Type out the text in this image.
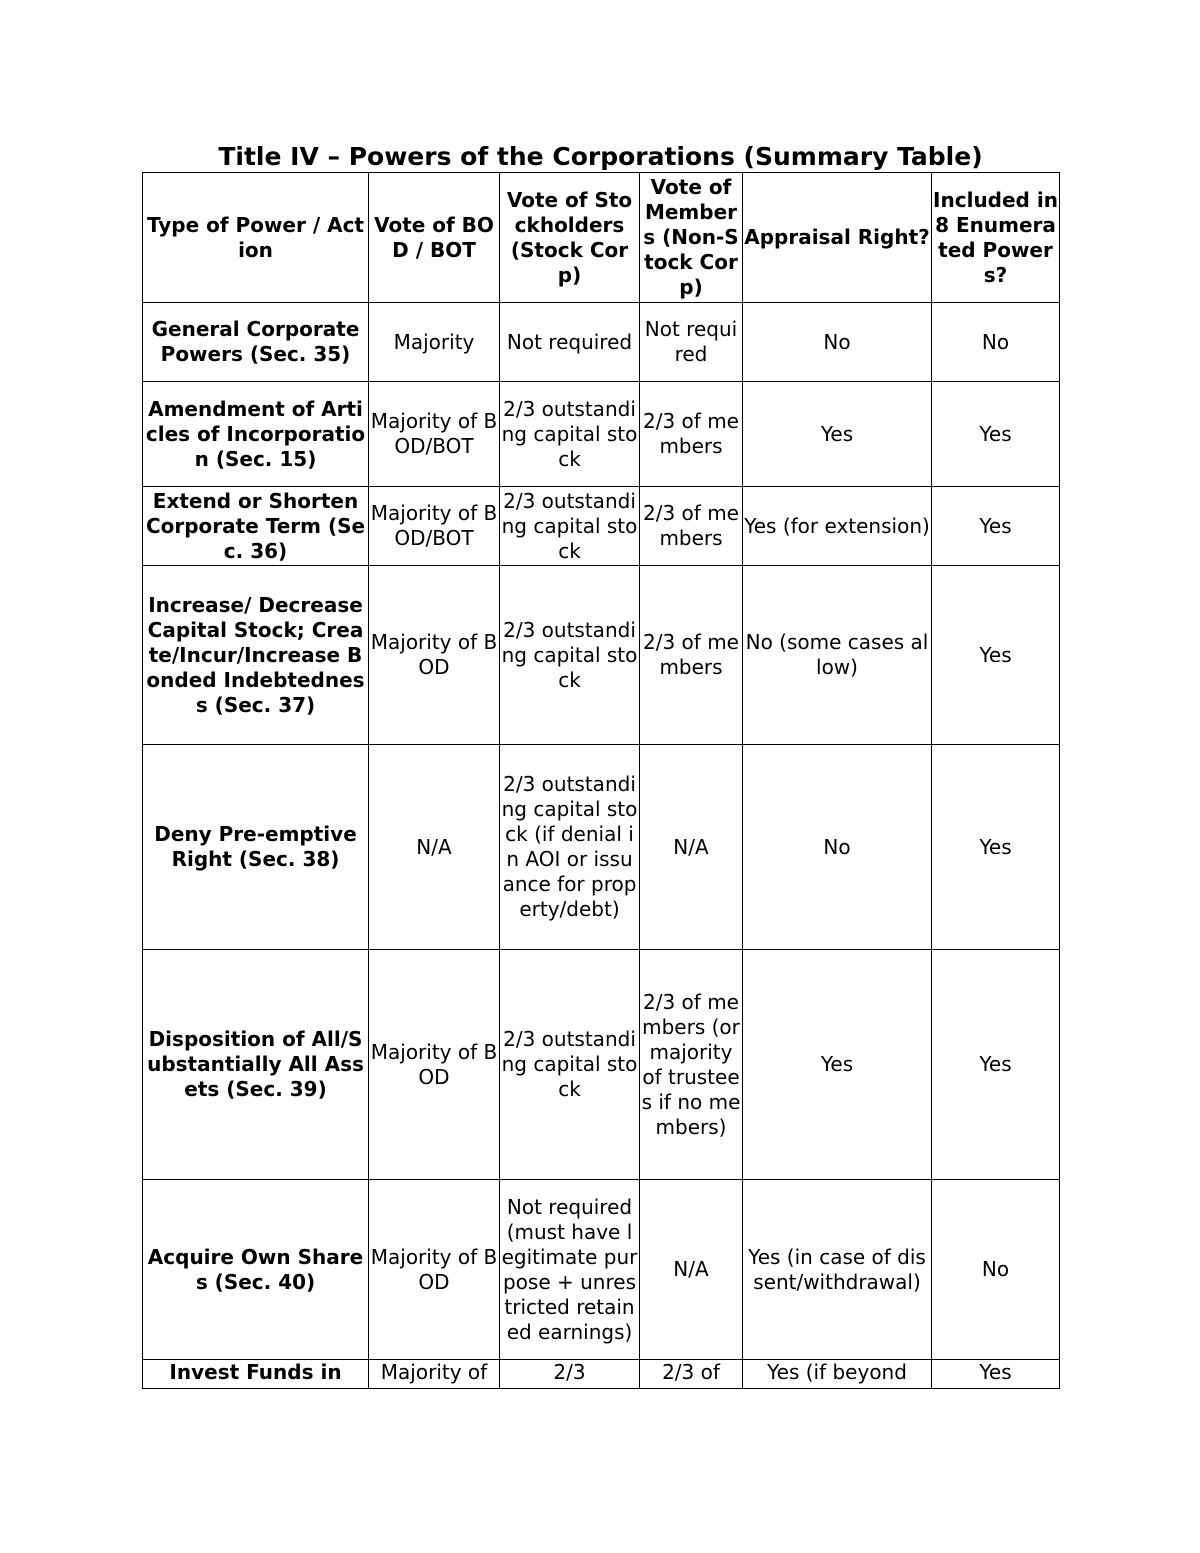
Title IV – Powers of the Corporations (Summary Table)
Type of Power / Action	Vote of BOD / BOT	Vote of Stockholders (Stock Corp)	Vote of Members (Non-Stock Corp)	Appraisal Right?	Included in 8 Enumerated Powers?
General Corporate Powers (Sec. 35)	Majority	Not required	Not required	No	No
Amendment of Articles of Incorporation (Sec. 15)	Majority of BOD/BOT	2/3 outstanding capital stock	2/3 of members	Yes	Yes
Extend or Shorten Corporate Term (Sec. 36)	Majority of BOD/BOT	2/3 outstanding capital stock	2/3 of members	Yes (for extension)	Yes
Increase/ Decrease Capital Stock; Create/Incur/Increase Bonded Indebtedness (Sec. 37)	Majority of BOD	2/3 outstanding capital stock	2/3 of members	No (some cases allow)	Yes
Deny Pre-emptive Right (Sec. 38)	N/A	2/3 outstanding capital stock (if denial in AOI or issuance for property/debt)	N/A	No	Yes
Disposition of All/Substantially All Assets (Sec. 39)	Majority of BOD	2/3 outstanding capital stock	2/3 of members (or majority of trustees if no members)	Yes	Yes
Acquire Own Shares (Sec. 40)	Majority of BOD	Not required (must have legitimate purpose + unrestricted retained earnings)	N/A	Yes (in case of dissent/withdrawal)	No
Invest Funds in	Majority of	2/3	2/3 of	Yes (if beyond	Yes
